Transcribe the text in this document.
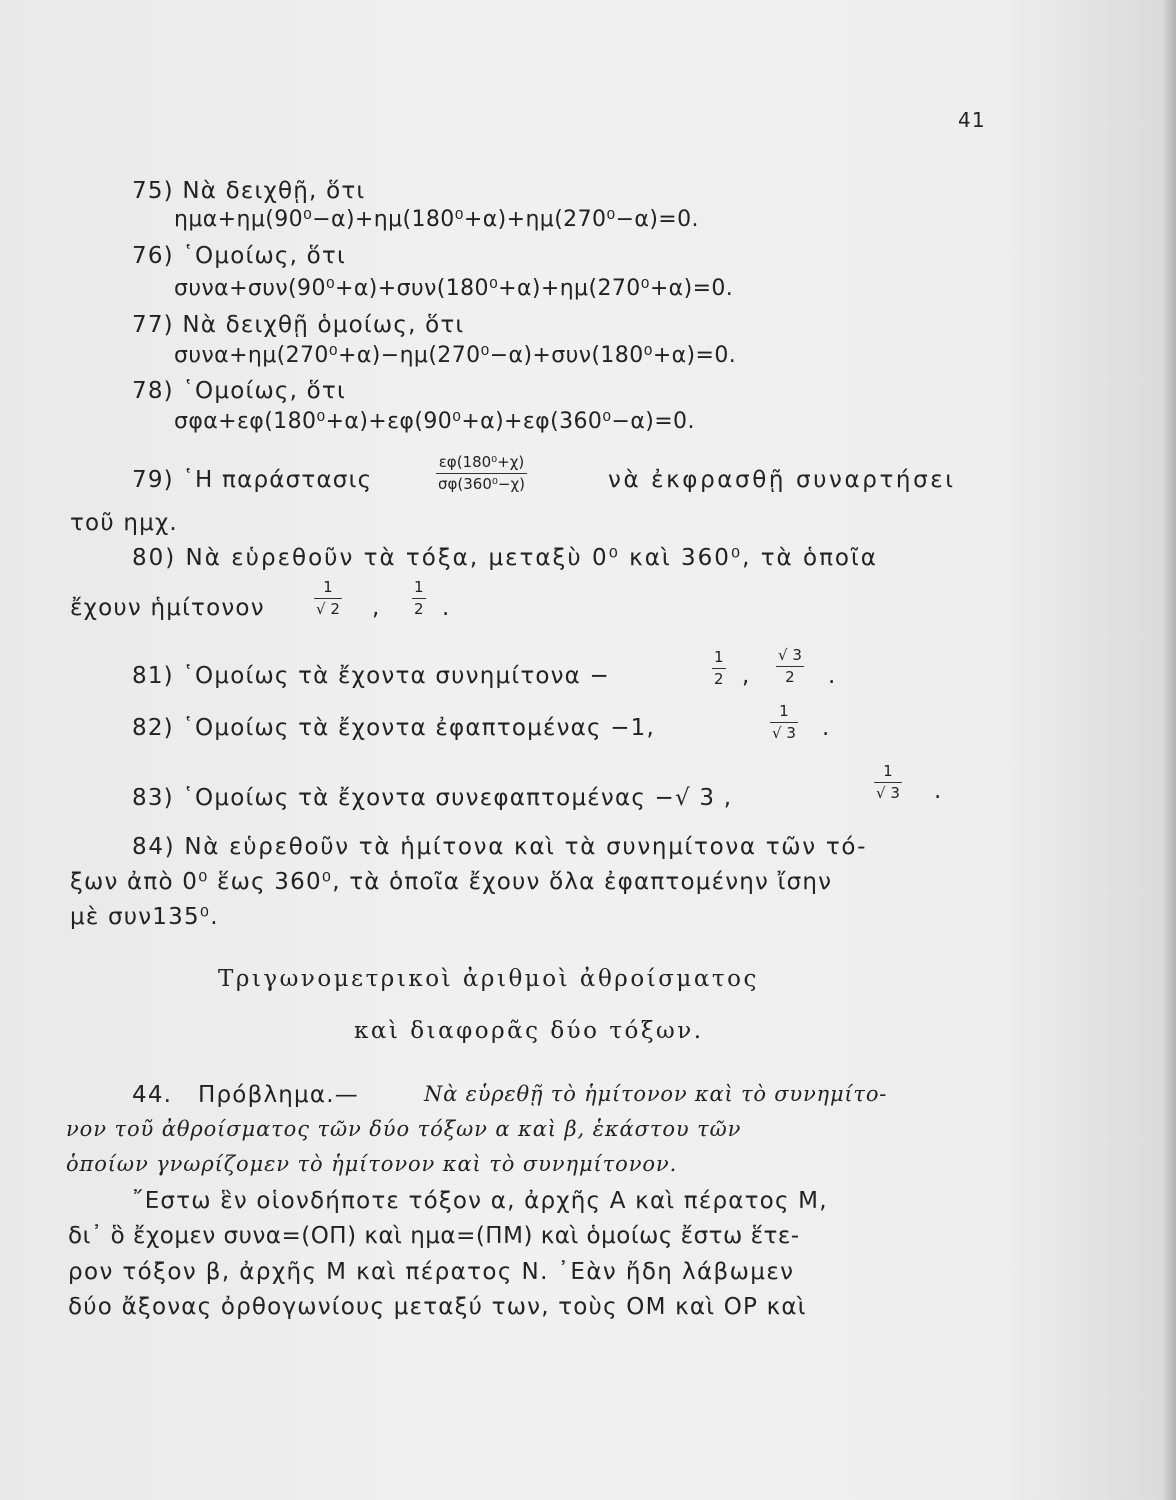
41
75) Νὰ δειχθῇ, ὅτι
ημα+ημ(90⁰−α)+ημ(180⁰+α)+ημ(270⁰−α)=0.
76) ῾Ομοίως, ὅτι
συνα+συν(90⁰+α)+συν(180⁰+α)+ημ(270⁰+α)=0.
77) Νὰ δειχθῇ ὁμοίως, ὅτι
συνα+ημ(270⁰+α)−ημ(270⁰−α)+συν(180⁰+α)=0.
78) ῾Ομοίως, ὅτι
σφα+εφ(180⁰+α)+εφ(90⁰+α)+εφ(360⁰−α)=0.
79) ῾Η παράστασις	$\frac{\text{εφ(180⁰+χ)}}{\text{σφ(360⁰−χ)}}$	νὰ ἐκφρασθῇ συναρτήσει
τοῦ ημχ.
80) Νὰ εὑρεθοῦν τὰ τόξα, μεταξὺ 0⁰ καὶ 360⁰, τὰ ὁποῖα
ἔχουν ἡμίτονον	$\frac{1}{√ 2}$ , $\frac{1}{2}$ .
81) ῾Ομοίως τὰ ἔχοντα συνημίτονα −	$\frac{1}{2}$ , $\frac{√ 3}{2}$ .
82) ῾Ομοίως τὰ ἔχοντα ἐφαπτομένας −1,	$\frac{1}{√ 3}$ .
83) ῾Ομοίως τὰ ἔχοντα συνεφαπτομένας −√ 3 ,	$\frac{1}{√ 3}$ .
84) Νὰ εὑρεθοῦν τὰ ἡμίτονα καὶ τὰ συνημίτονα τῶν τό-
ξων ἀπὸ 0⁰ ἕως 360⁰, τὰ ὁποῖα ἔχουν ὅλα ἐφαπτομένην ἴσην
μὲ συν135⁰.
Τριγωνομετρικοὶ ἀριθμοὶ ἀθροίσματος
καὶ διαφορᾶς δύο τόξων.
44. Πρόβλημα.—	Νὰ εὑρεθῇ τὸ ἡμίτονον καὶ τὸ συνημίτο-
νον τοῦ ἀθροίσματος τῶν δύο τόξων α καὶ β, ἑκάστου τῶν
ὁποίων γνωρίζομεν τὸ ἡμίτονον καὶ τὸ συνημίτονον.
῎Εστω ἓν οἱονδήποτε τόξον α, ἀρχῆς Α καὶ πέρατος Μ,
δι᾽ ὃ ἔχομεν συνα=(ΟΠ) καὶ ημα=(ΠΜ) καὶ ὁμοίως ἔστω ἕτε-
ρον τόξον β, ἀρχῆς Μ καὶ πέρατος Ν. ᾿Εὰν ἤδη λάβωμεν
δύο ἄξονας ὀρθογωνίους μεταξύ των, τοὺς ΟΜ καὶ ΟΡ καὶ
